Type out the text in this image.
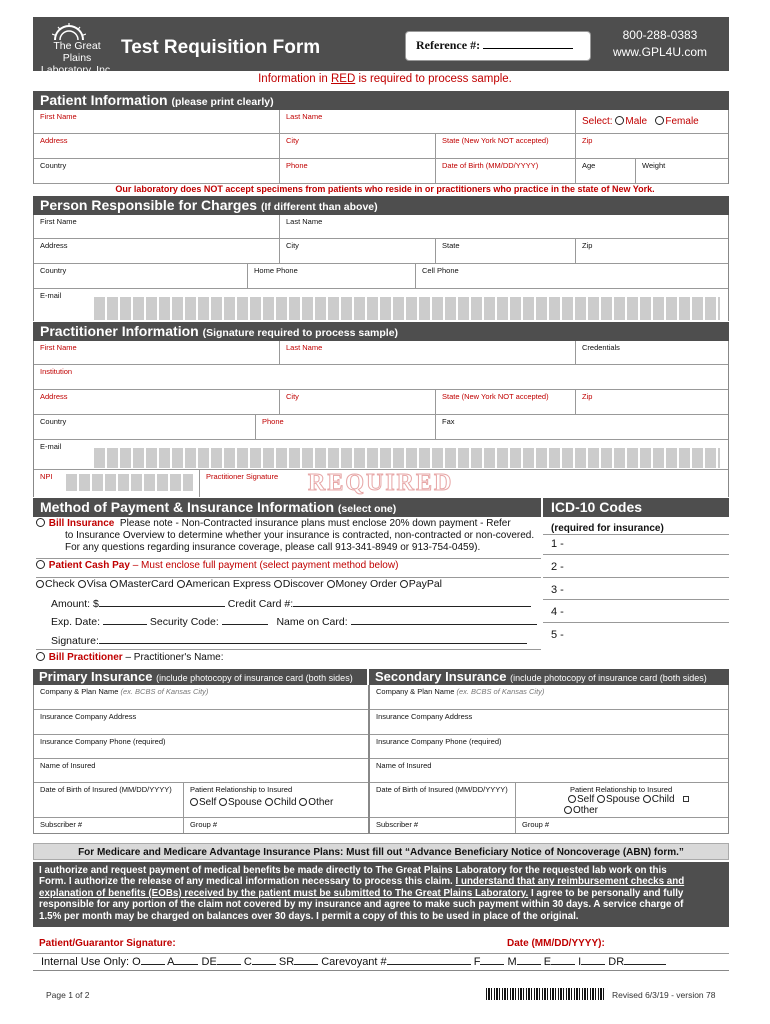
The Great Plains
Laboratory, Inc.
Test Requisition Form	Reference #:
800-288-0383
www.GPL4U.com
Information in RED is required to process sample.
Patient Information (please print clearly)
First Name	Last Name	Select: Male Female
Address	City	State (New York NOT accepted)	Zip
Country	Phone	Date of Birth (MM/DD/YYYY)	Age	Weight
Our laboratory does NOT accept specimens from patients who reside in or practitioners who practice in the state of New York.
Person Responsible for Charges (If different than above)
First Name	Last Name
Address	City	State	Zip
Country	Home Phone	Cell Phone
E-mail
Practitioner Information (Signature required to process sample)
First Name	Last Name	Credentials
Institution
Address	City	State (New York NOT accepted)	Zip
Country	Phone	Fax
E-mail
NPI	Practitioner Signature REQUIRED
Method of Payment & Insurance Information (select one)
Bill Insurance Please note - Non-Contracted insurance plans must enclose 20% down payment - Refer
to Insurance Overview to determine whether your insurance is contracted, non-contracted or non-covered.
For any questions regarding insurance coverage, please call 913-341-8949 or 913-754-0459).
Patient Cash Pay – Must enclose full payment (select payment method below)
Check Visa MasterCard American Express Discover Money Order PayPal
Amount: $	Credit Card #:
Exp. Date:	Security Code:	Name on Card:
Signature:
Bill Practitioner – Practitioner's Name:
ICD-10 Codes
(required for insurance)
1 -
2 -
3 -
4 -
5 -
Primary Insurance (include photocopy of insurance card (both sides)	Secondary Insurance (include photocopy of insurance card (both sides)
Company & Plan Name (ex. BCBS of Kansas City)
Insurance Company Address
Insurance Company Phone (required)
Name of Insured
Date of Birth of Insured (MM/DD/YYYY)	Patient Relationship to Insured
Self Spouse Child Other
Subscriber #	Group #
Company & Plan Name (ex. BCBS of Kansas City)
Insurance Company Address
Insurance Company Phone (required)
Name of Insured
Date of Birth of Insured (MM/DD/YYYY)	Patient Relationship to Insured
Self Spouse Child
Other
Subscriber #	Group #
For Medicare and Medicare Advantage Insurance Plans: Must fill out “Advance Beneficiary Notice of Noncoverage (ABN) form.”
I authorize and request payment of medical benefits be made directly to The Great Plains Laboratory for the requested lab work on this
Form. I authorize the release of any medical information necessary to process this claim. I understand that any reimbursement checks and
explanation of benefits (EOBs) received by the patient must be submitted to The Great Plains Laboratory. I agree to be personally and fully
responsible for any portion of the claim not covered by my insurance and agree to make such payment within 30 days. A service charge of
1.5% per month may be charged on balances over 30 days. I permit a copy of this to be used in place of the original.
Patient/Guarantor Signature:	Date (MM/DD/YYYY):
Internal Use Only: O A DE C SR Carevoyant #	F M E I DR
Page 1 of 2	Revised 6/3/19 - version 78
